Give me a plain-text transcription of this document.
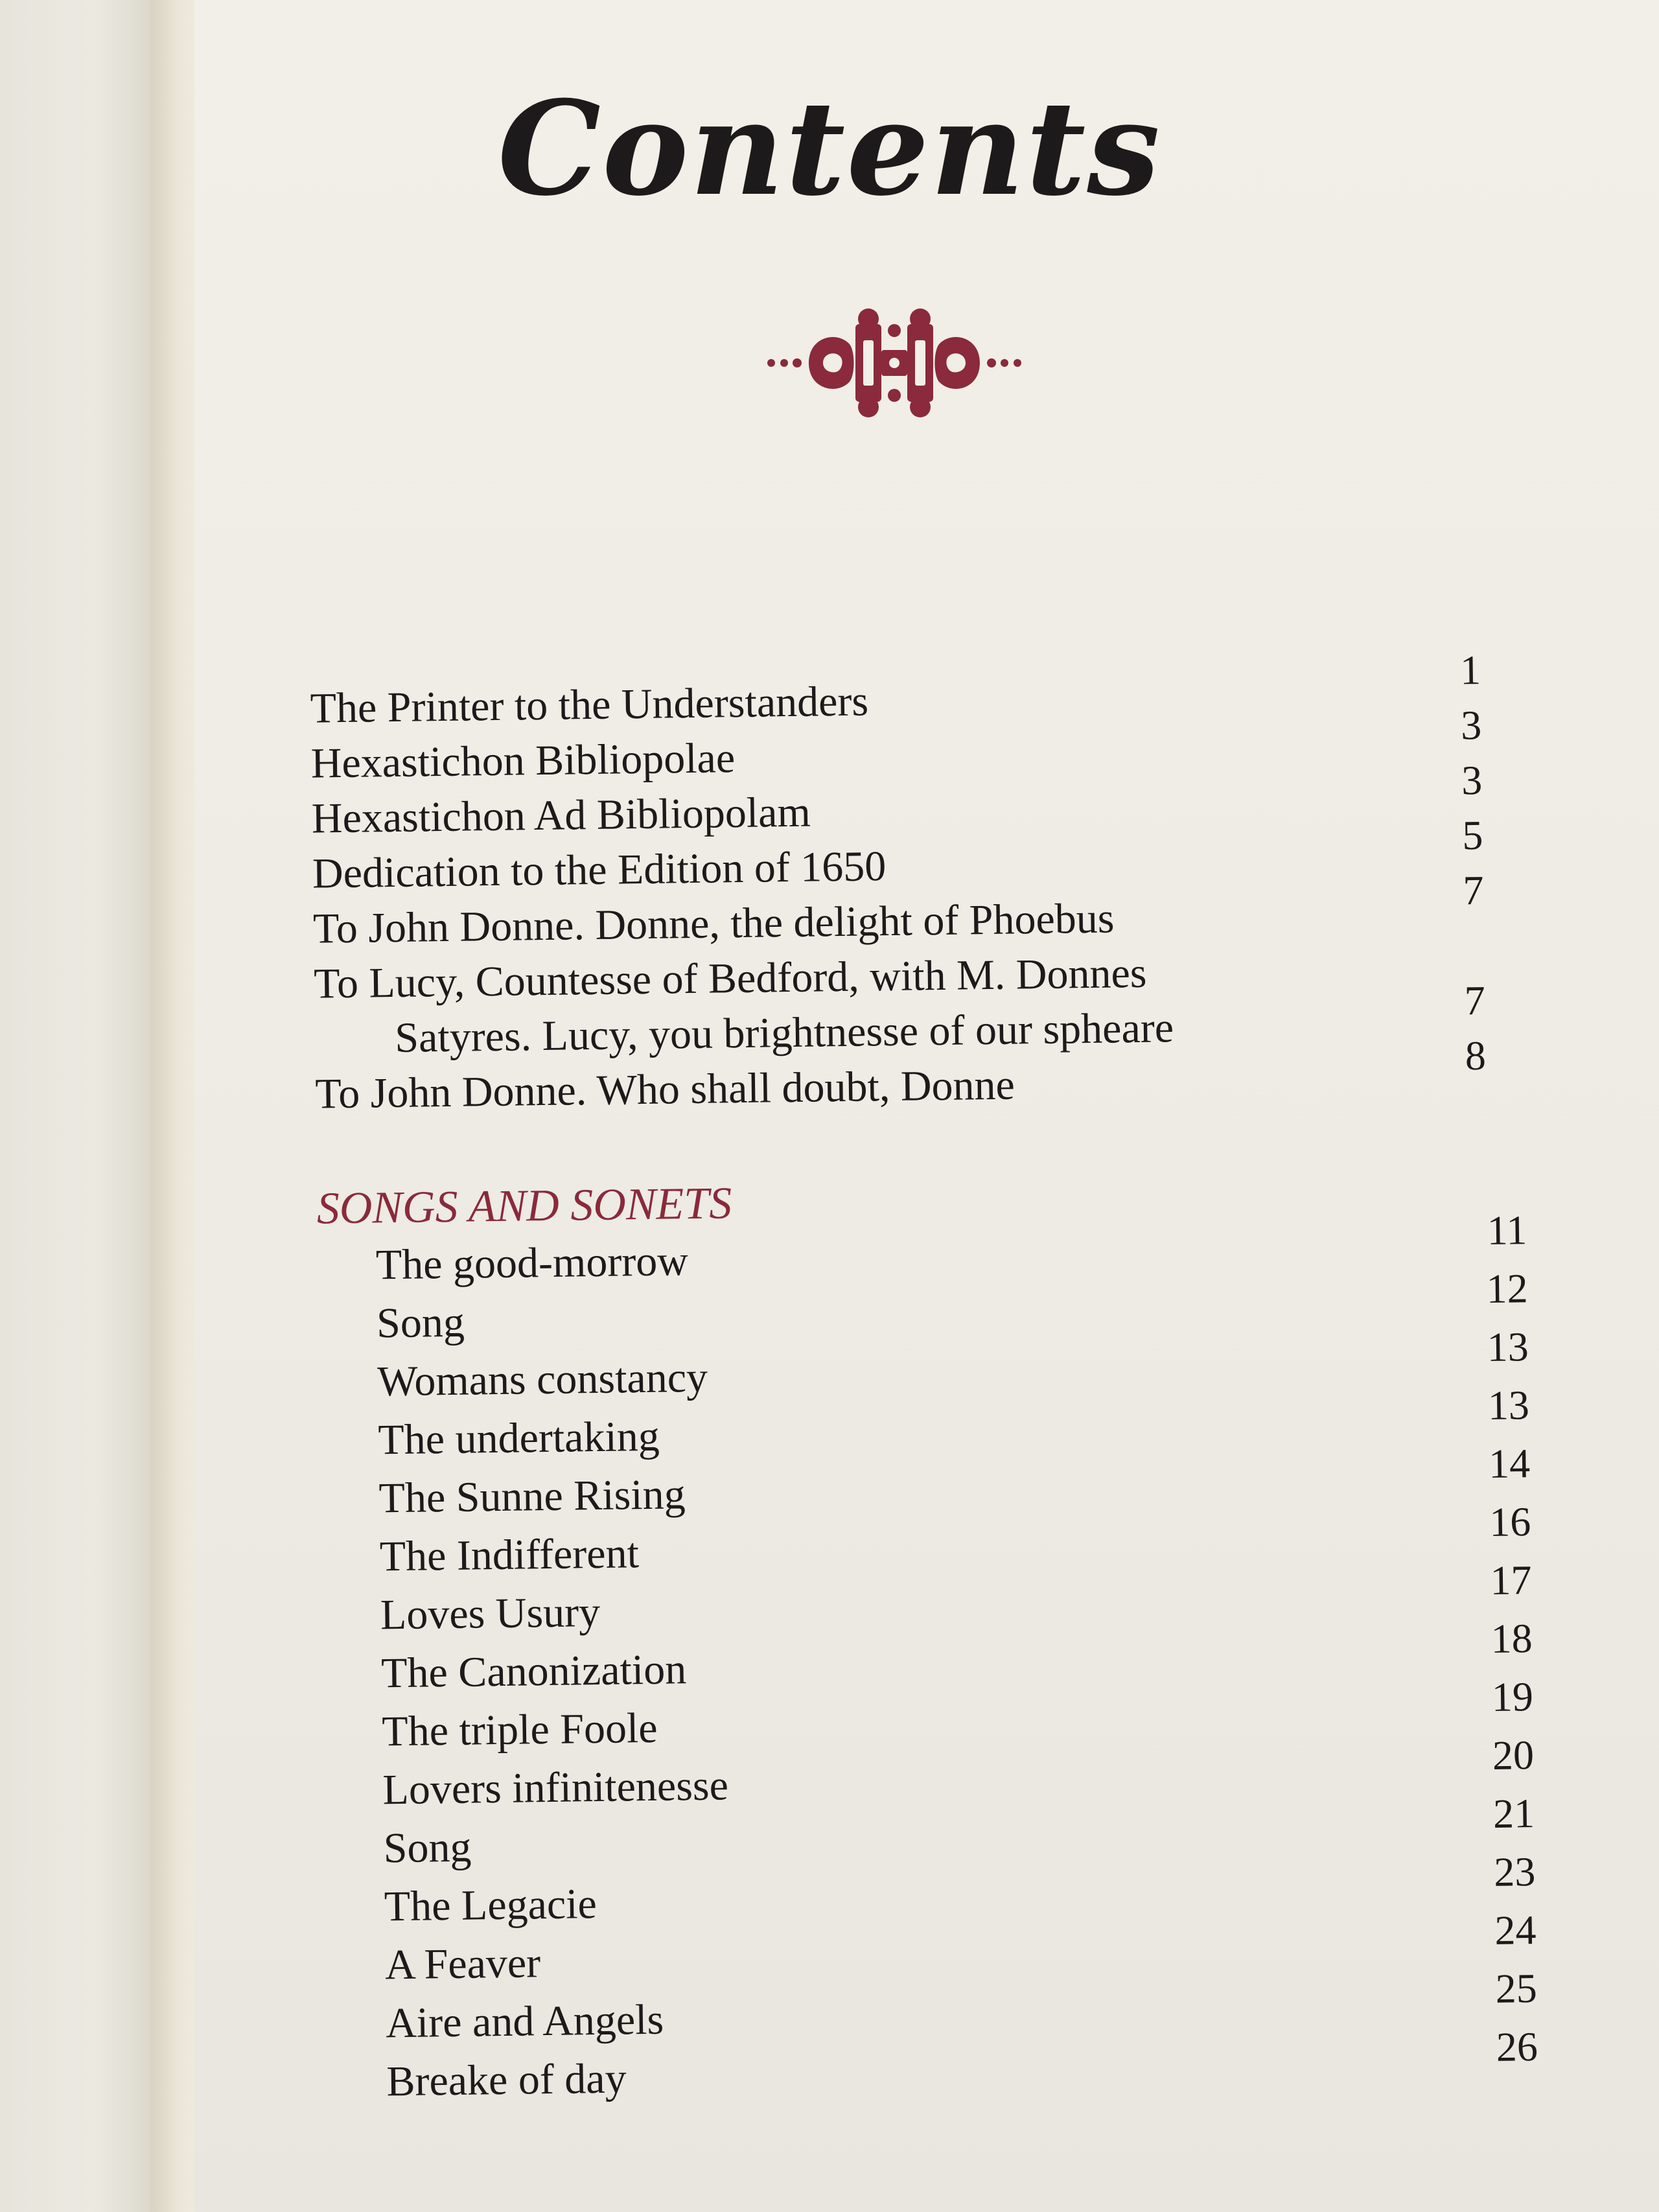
Contents
The Printer to the Understanders
1
Hexastichon Bibliopolae
3
Hexastichon Ad Bibliopolam
3
Dedication to the Edition of 1650
5
To John Donne. Donne, the delight of Phoebus
7
To Lucy, Countesse of Bedford, with M. Donnes
Satyres. Lucy, you brightnesse of our spheare
7
To John Donne. Who shall doubt, Donne
8
SONGS AND SONETS
The good-morrow
11
Song
12
Womans constancy
13
The undertaking
13
The Sunne Rising
14
The Indifferent
16
Loves Usury
17
The Canonization
18
The triple Foole
19
Lovers infinitenesse
20
Song
21
The Legacie
23
A Feaver
24
Aire and Angels
25
Breake of day
26
